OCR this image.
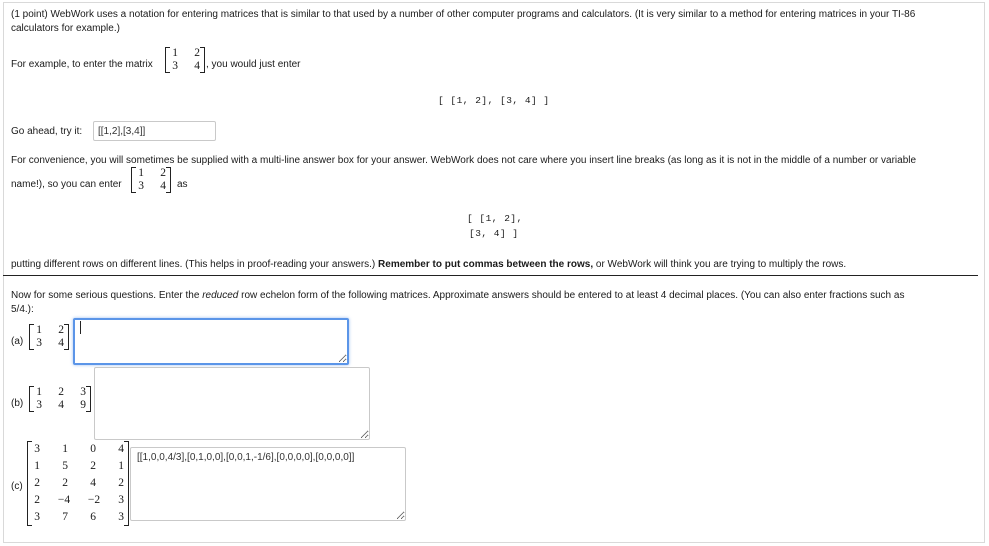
(1 point) WebWork uses a notation for entering matrices that is similar to that used by a number of other computer programs and calculators. (It is very similar to a method for entering matrices in your TI-86
calculators for example.)
For example, to enter the matrix
1 2
3 4 , you would just enter
[ [1, 2], [3, 4] ]
Go ahead, try it:
[[1,2],[3,4]]
For convenience, you will sometimes be supplied with a multi-line answer box for your answer. WebWork does not care where you insert line breaks (as long as it is not in the middle of a number or variable
name!), so you can enter
1 2
3 4 as
[ [1, 2],
[3, 4] ]
putting different rows on different lines. (This helps in proof-reading your answers.) Remember to put commas between the rows, or WebWork will think you are trying to multiply the rows.
Now for some serious questions. Enter the reduced row echelon form of the following matrices. Approximate answers should be entered to at least 4 decimal places. (You can also enter fractions such as
5/4.):
(a)
1 2
3 4
(b)
1 2 3
3 4 9
(c)
3 1 0 4
1 5 2 1
2 2 4 2
2 −4 −2 3
3 7 6 3
[[1,0,0,4/3],[0,1,0,0],[0,0,1,-1/6],[0,0,0,0],[0,0,0,0]]
